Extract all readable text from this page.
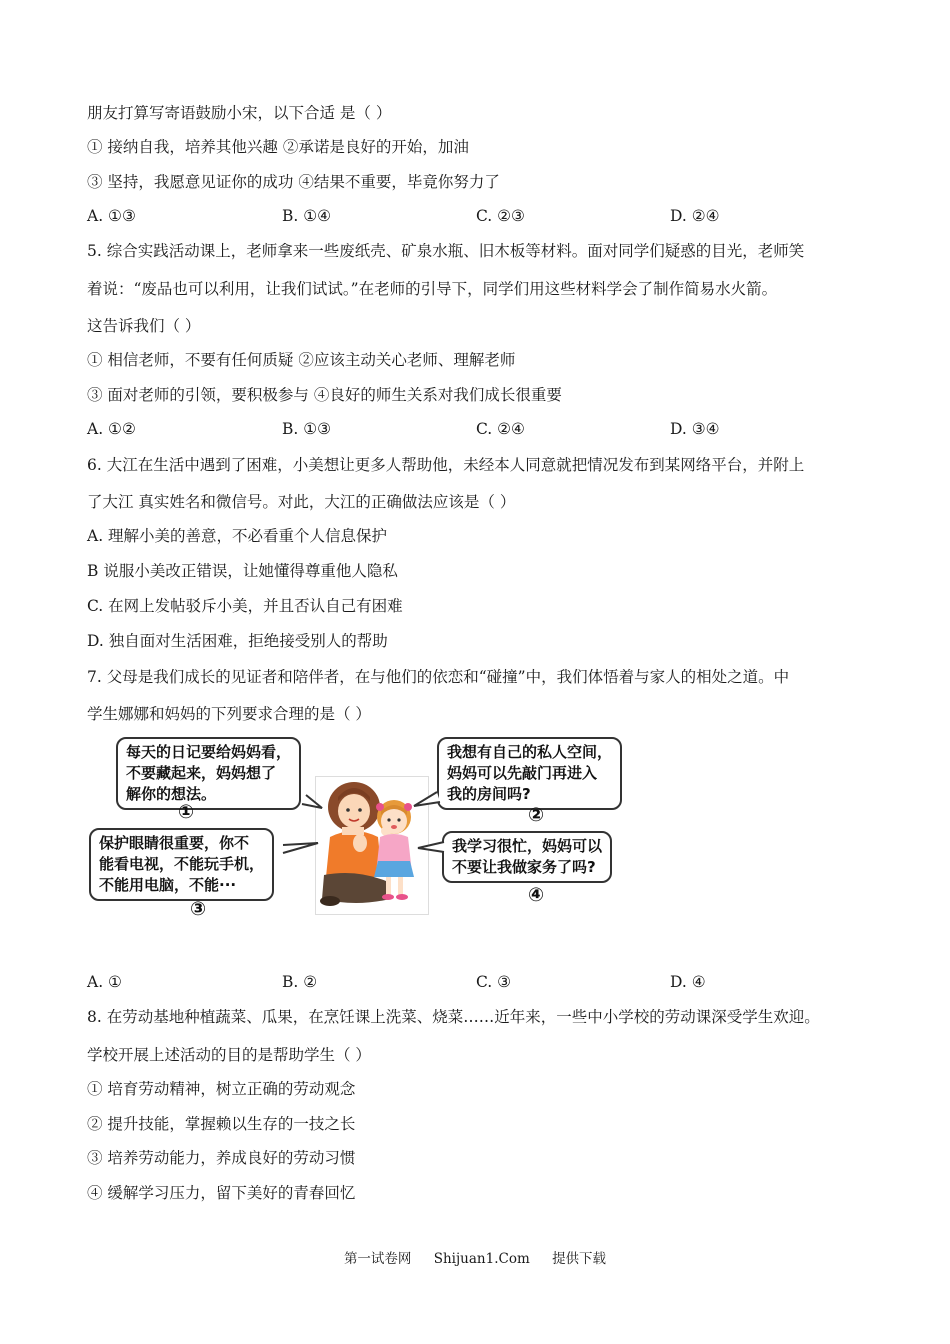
朋友打算写寄语鼓励小宋，以下合适 是（ ）
① 接纳自我，培养其他兴趣 ②承诺是良好的开始，加油
③ 坚持，我愿意见证你的成功 ④结果不重要，毕竟你努力了
A. ①③	B. ①④	C. ②③	D. ②④
5. 综合实践活动课上，老师拿来一些废纸壳、矿泉水瓶、旧木板等材料。面对同学们疑惑的目光，老师笑
着说：“废品也可以利用，让我们试试。”在老师的引导下，同学们用这些材料学会了制作简易水火箭。
这告诉我们（ ）
① 相信老师，不要有任何质疑 ②应该主动关心老师、理解老师
③ 面对老师的引领，要积极参与 ④良好的师生关系对我们成长很重要
A. ①②	B. ①③	C. ②④	D. ③④
6. 大江在生活中遇到了困难，小美想让更多人帮助他，未经本人同意就把情况发布到某网络平台，并附上
了大江 真实姓名和微信号。对此，大江的正确做法应该是（ ）
A. 理解小美的善意，不必看重个人信息保护
B 说服小美改正错误，让她懂得尊重他人隐私
C. 在网上发帖驳斥小美，并且否认自己有困难
D. 独自面对生活困难，拒绝接受别人的帮助
7. 父母是我们成长的见证者和陪伴者，在与他们的依恋和“碰撞”中，我们体悟着与家人的相处之道。中
学生娜娜和妈妈的下列要求合理的是（ ）
每天的日记要给妈妈看，
不要藏起来，妈妈想了
解你的想法。
①
我想有自己的私人空间，
妈妈可以先敲门再进入
我的房间吗?
②
保护眼睛很重要，你不
能看电视，不能玩手机，
不能用电脑，不能···
③
我学习很忙，妈妈可以
不要让我做家务了吗?
④
A. ①	B. ②	C. ③	D. ④
8. 在劳动基地种植蔬菜、瓜果，在烹饪课上洗菜、烧菜……近年来，一些中小学校的劳动课深受学生欢迎。
学校开展上述活动的目的是帮助学生（ ）
① 培育劳动精神，树立正确的劳动观念
② 提升技能，掌握赖以生存的一技之长
③ 培养劳动能力，养成良好的劳动习惯
④ 缓解学习压力，留下美好的青春回忆
第一试卷网 Shijuan1.Com 提供下载
